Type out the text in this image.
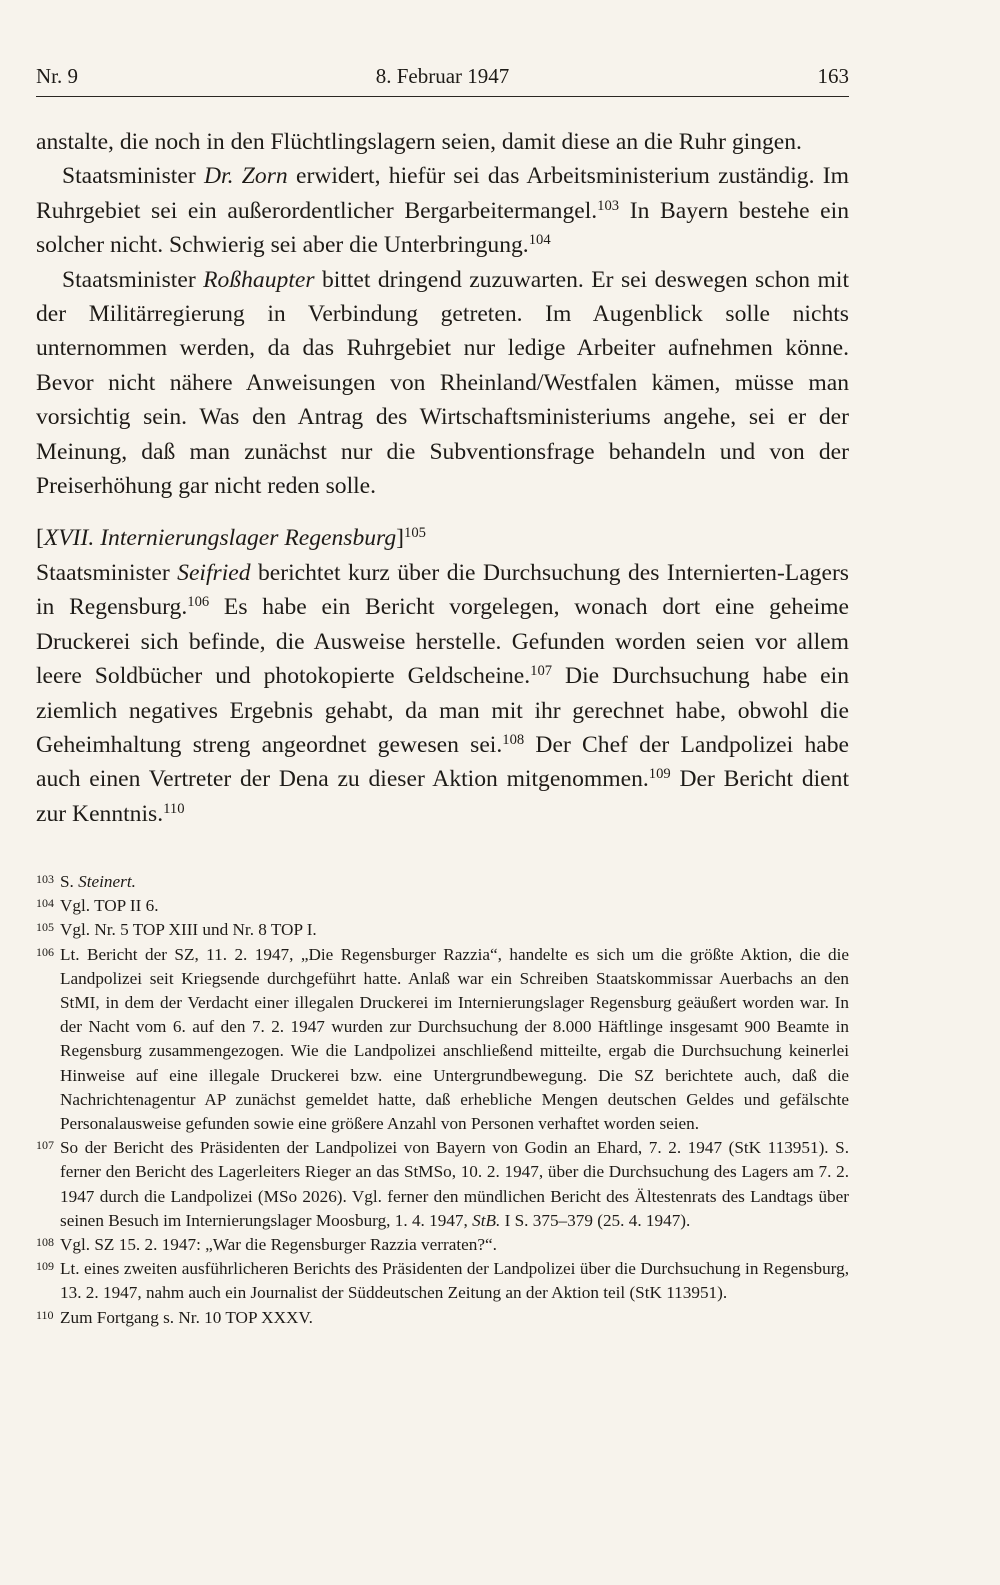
Nr. 9	8. Februar 1947	163

anstalte, die noch in den Flüchtlingslagern seien, damit diese an die Ruhr gingen.

Staatsminister Dr. Zorn erwidert, hiefür sei das Arbeitsministerium zuständig. Im Ruhrgebiet sei ein außerordentlicher Bergarbeitermangel.$^{103}$ In Bayern bestehe ein solcher nicht. Schwierig sei aber die Unterbringung.$^{104}$

Staatsminister Roßhaupter bittet dringend zuzuwarten. Er sei deswegen schon mit der Militärregierung in Verbindung getreten. Im Augenblick solle nichts unternommen werden, da das Ruhrgebiet nur ledige Arbeiter aufnehmen könne. Bevor nicht nähere Anweisungen von Rheinland/Westfalen kämen, müsse man vorsichtig sein. Was den Antrag des Wirtschaftsministeriums angehe, sei er der Meinung, daß man zunächst nur die Subventionsfrage behandeln und von der Preiserhöhung gar nicht reden solle.

[XVII. Internierungslager Regensburg]$^{105}$

Staatsminister Seifried berichtet kurz über die Durchsuchung des Internierten-Lagers in Regensburg.$^{106}$ Es habe ein Bericht vorgelegen, wonach dort eine geheime Druckerei sich befinde, die Ausweise herstelle. Gefunden worden seien vor allem leere Soldbücher und photokopierte Geldscheine.$^{107}$ Die Durchsuchung habe ein ziemlich negatives Ergebnis gehabt, da man mit ihr gerechnet habe, obwohl die Geheimhaltung streng angeordnet gewesen sei.$^{108}$ Der Chef der Landpolizei habe auch einen Vertreter der Dena zu dieser Aktion mitgenommen.$^{109}$ Der Bericht dient zur Kenntnis.$^{110}$

103 S. Steinert.

104 Vgl. TOP II 6.

105 Vgl. Nr. 5 TOP XIII und Nr. 8 TOP I.

106 Lt. Bericht der SZ, 11. 2. 1947, „Die Regensburger Razzia“, handelte es sich um die größte Aktion, die die Landpolizei seit Kriegsende durchgeführt hatte. Anlaß war ein Schreiben Staatskommissar Auerbachs an den StMI, in dem der Verdacht einer illegalen Druckerei im Internierungslager Regensburg geäußert worden war. In der Nacht vom 6. auf den 7. 2. 1947 wurden zur Durchsuchung der 8.000 Häftlinge insgesamt 900 Beamte in Regensburg zusammengezogen. Wie die Landpolizei anschließend mitteilte, ergab die Durchsuchung keinerlei Hinweise auf eine illegale Druckerei bzw. eine Untergrundbewegung. Die SZ berichtete auch, daß die Nachrichtenagentur AP zunächst gemeldet hatte, daß erhebliche Mengen deutschen Geldes und gefälschte Personalausweise gefunden sowie eine größere Anzahl von Personen verhaftet worden seien.

107 So der Bericht des Präsidenten der Landpolizei von Bayern von Godin an Ehard, 7. 2. 1947 (StK 113951). S. ferner den Bericht des Lagerleiters Rieger an das StMSo, 10. 2. 1947, über die Durchsuchung des Lagers am 7. 2. 1947 durch die Landpolizei (MSo 2026). Vgl. ferner den mündlichen Bericht des Ältestenrats des Landtags über seinen Besuch im Internierungslager Moosburg, 1. 4. 1947, StB. I S. 375–379 (25. 4. 1947).

108 Vgl. SZ 15. 2. 1947: „War die Regensburger Razzia verraten?“.

109 Lt. eines zweiten ausführlicheren Berichts des Präsidenten der Landpolizei über die Durchsuchung in Regensburg, 13. 2. 1947, nahm auch ein Journalist der Süddeutschen Zeitung an der Aktion teil (StK 113951).

110 Zum Fortgang s. Nr. 10 TOP XXXV.
